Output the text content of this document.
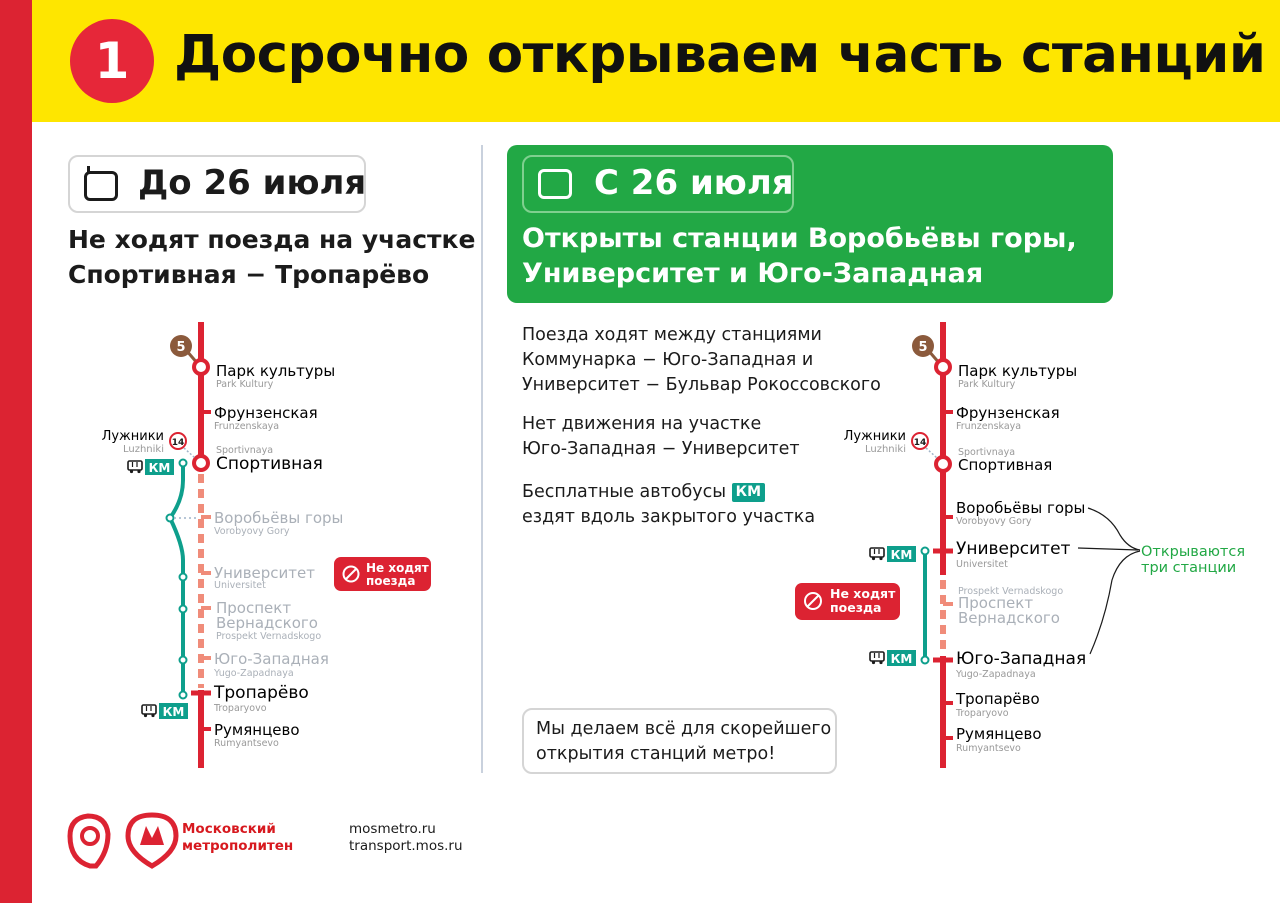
1 Досрочно открываем часть станций
До 26 июля
Не ходят поезда на участке
Спортивная − Тропарёво
С 26 июля
Открыты станции Воробьёвы горы,
Университет и Юго-Западная
Поезда ходят между станциями
Коммунарка − Юго-Западная и
Университет − Бульвар Рокоссовского
Нет движения на участке
Юго-Западная − Университет
Бесплатные автобусы КМ
ездят вдоль закрытого участка
Мы делаем всё для скорейшего
открытия станций метро!
5
14
Лужники
Luzhniki
КМ
КМ
Парк культуры
Park Kultury
Фрунзенская
Frunzenskaya
Sportivnaya
Спортивная
Воробьёвы горы
Vorobyovy Gory
Университет
Universitet
Проспект
Вернадского
Prospekt Vernadskogo
Юго-Западная
Yugo-Zapadnaya
Тропарёво
Troparyovo
Румянцево
Rumyantsevo
Не ходят
поезда
5
14
Лужники
Luzhniki
КМ
КМ
Парк культуры
Park Kultury
Фрунзенская
Frunzenskaya
Sportivnaya
Спортивная
Воробьёвы горы
Vorobyovy Gory
Университет
Universitet
Prospekt Vernadskogo
Проспект
Вернадского
Юго-Западная
Yugo-Zapadnaya
Тропарёво
Troparyovo
Румянцево
Rumyantsevo
Открываются
три станции
Не ходят
поезда
Московский
метрополитен
mosmetro.ru
transport.mos.ru
